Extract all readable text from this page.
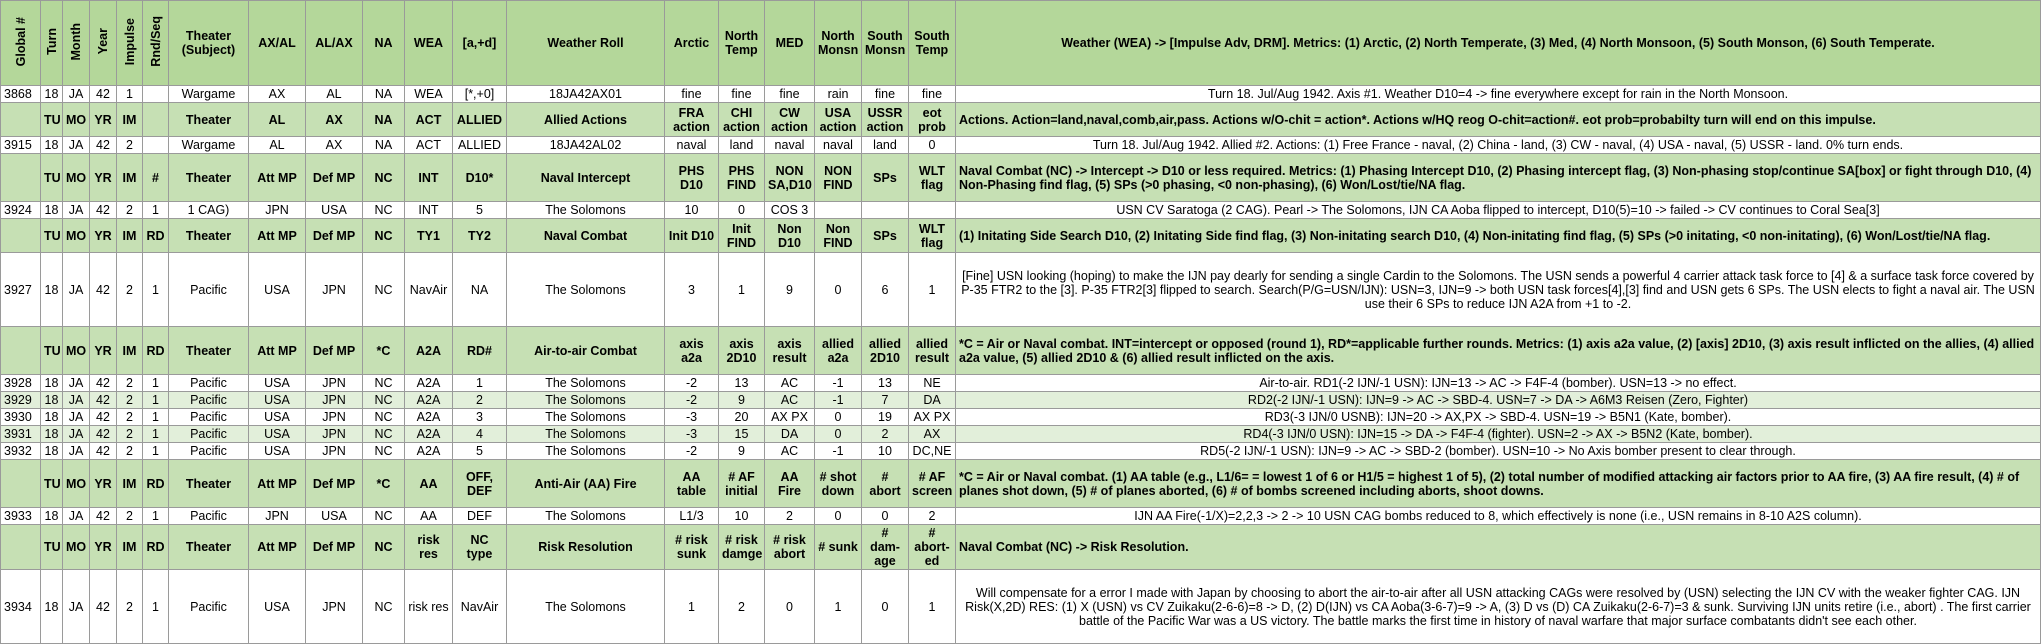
Global #	Turn	Month	Year	Impulse	Rnd/Seq	Theater (Subject)	AX/AL	AL/AX	NA	WEA	[a,+d]	Weather Roll	Arctic	North Temp	MED	North Monsn	South Monsn	South Temp	Weather (WEA) -> [Impulse Adv, DRM]. Metrics: (1) Arctic, (2) North Temperate, (3) Med, (4) North Monsoon, (5) South Monson, (6) South Temperate.
3868	18	JA	42	1		Wargame	AX	AL	NA	WEA	[*,+0]	18JA42AX01	fine	fine	fine	rain	fine	fine	Turn 18. Jul/Aug 1942. Axis #1. Weather D10=4 -> fine everywhere except for rain in the North Monsoon.
	TU	MO	YR	IM		Theater	AL	AX	NA	ACT	ALLIED	Allied Actions	FRA action	CHI action	CW action	USA action	USSR action	eot prob	Actions. Action=land,naval,comb,air,pass. Actions w/O-chit = action*. Actions w/HQ reog O-chit=action#. eot prob=probabilty turn will end on this impulse.
3915	18	JA	42	2		Wargame	AL	AX	NA	ACT	ALLIED	18JA42AL02	naval	land	naval	naval	land	0	Turn 18. Jul/Aug 1942. Allied #2. Actions: (1) Free France - naval, (2) China - land, (3) CW - naval, (4) USA - naval, (5) USSR - land. 0% turn ends.
	TU	MO	YR	IM	#	Theater	Att MP	Def MP	NC	INT	D10*	Naval Intercept	PHS D10	PHS FIND	NON SA,D10	NON FIND	SPs	WLT flag	Naval Combat (NC) -> Intercept -> D10 or less required. Metrics: (1) Phasing Intercept D10, (2) Phasing intercept flag, (3) Non-phasing stop/continue SA[box] or fight through D10, (4) Non-Phasing find flag, (5) SPs (>0 phasing, <0 non-phasing), (6) Won/Lost/tie/NA flag.
3924	18	JA	42	2	1	1 CAG)	JPN	USA	NC	INT	5	The Solomons	10	0	COS 3				USN CV Saratoga (2 CAG). Pearl -> The Solomons, IJN CA Aoba flipped to intercept, D10(5)=10 -> failed -> CV continues to Coral Sea[3]
	TU	MO	YR	IM	RD	Theater	Att MP	Def MP	NC	TY1	TY2	Naval Combat	Init D10	Init FIND	Non D10	Non FIND	SPs	WLT flag	(1) Initating Side Search D10, (2) Initating Side find flag, (3) Non-initating search D10, (4) Non-initating find flag, (5) SPs (>0 initating, <0 non-initating), (6) Won/Lost/tie/NA flag.
3927	18	JA	42	2	1	Pacific	USA	JPN	NC	NavAir	NA	The Solomons	3	1	9	0	6	1	[Fine] USN looking (hoping) to make the IJN pay dearly for sending a single Cardin to the Solomons. The USN sends a powerful 4 carrier attack task force to [4] & a surface task force covered by P-35 FTR2 to the [3]. P-35 FTR2[3] flipped to search. Search(P/G=USN/IJN): USN=3, IJN=9 -> both USN task forces[4],[3] find and USN gets 6 SPs. The USN elects to fight a naval air. The USN use their 6 SPs to reduce IJN A2A from +1 to -2.
	TU	MO	YR	IM	RD	Theater	Att MP	Def MP	*C	A2A	RD#	Air-to-air Combat	axis a2a	axis 2D10	axis result	allied a2a	allied 2D10	allied result	*C = Air or Naval combat. INT=intercept or opposed (round 1), RD*=applicable further rounds. Metrics: (1) axis a2a value, (2) [axis] 2D10, (3) axis result inflicted on the allies, (4) allied a2a value, (5) allied 2D10 & (6) allied result inflicted on the axis.
3928	18	JA	42	2	1	Pacific	USA	JPN	NC	A2A	1	The Solomons	-2	13	AC	-1	13	NE	Air-to-air. RD1(-2 IJN/-1 USN): IJN=13 -> AC -> F4F-4 (bomber). USN=13 -> no effect.
3929	18	JA	42	2	1	Pacific	USA	JPN	NC	A2A	2	The Solomons	-2	9	AC	-1	7	DA	RD2(-2 IJN/-1 USN): IJN=9 -> AC -> SBD-4. USN=7 -> DA -> A6M3 Reisen (Zero, Fighter)
3930	18	JA	42	2	1	Pacific	USA	JPN	NC	A2A	3	The Solomons	-3	20	AX PX	0	19	AX PX	RD3(-3 IJN/0 USNB): IJN=20 -> AX,PX -> SBD-4. USN=19 -> B5N1 (Kate, bomber).
3931	18	JA	42	2	1	Pacific	USA	JPN	NC	A2A	4	The Solomons	-3	15	DA	0	2	AX	RD4(-3 IJN/0 USN): IJN=15 -> DA -> F4F-4 (fighter). USN=2 -> AX -> B5N2 (Kate, bomber).
3932	18	JA	42	2	1	Pacific	USA	JPN	NC	A2A	5	The Solomons	-2	9	AC	-1	10	DC,NE	RD5(-2 IJN/-1 USN): IJN=9 -> AC -> SBD-2 (bomber). USN=10 -> No Axis bomber present to clear through.
	TU	MO	YR	IM	RD	Theater	Att MP	Def MP	*C	AA	OFF, DEF	Anti-Air (AA) Fire	AA table	# AF initial	AA Fire	# shot down	# abort	# AF screen	*C = Air or Naval combat. (1) AA table (e.g., L1/6= = lowest 1 of 6 or H1/5 = highest 1 of 5), (2) total number of modified attacking air factors prior to AA fire, (3) AA fire result, (4) # of planes shot down, (5) # of planes aborted, (6) # of bombs screened including aborts, shoot downs.
3933	18	JA	42	2	1	Pacific	JPN	USA	NC	AA	DEF	The Solomons	L1/3	10	2	0	0	2	IJN AA Fire(-1/X)=2,2,3 -> 2 -> 10 USN CAG bombs reduced to 8, which effectively is none (i.e., USN remains in 8-10 A2S column).
	TU	MO	YR	IM	RD	Theater	Att MP	Def MP	NC	risk res	NC type	Risk Resolution	# risk sunk	# risk damge	# risk abort	# sunk	# dam-age	# abort-ed	Naval Combat (NC) -> Risk Resolution.
3934	18	JA	42	2	1	Pacific	USA	JPN	NC	risk res	NavAir	The Solomons	1	2	0	1	0	1	Will compensate for a error I made with Japan by choosing to abort the air-to-air after all USN attacking CAGs were resolved by (USN) selecting the IJN CV with the weaker fighter CAG. IJN Risk(X,2D) RES: (1) X (USN) vs CV Zuikaku(2-6-6)=8 -> D, (2) D(IJN) vs CA Aoba(3-6-7)=9 -> A, (3) D vs (D) CA Zuikaku(2-6-7)=3 & sunk. Surviving IJN units retire (i.e., abort) . The first carrier battle of the Pacific War was a US victory. The battle marks the first time in history of naval warfare that major surface combatants didn't see each other.
